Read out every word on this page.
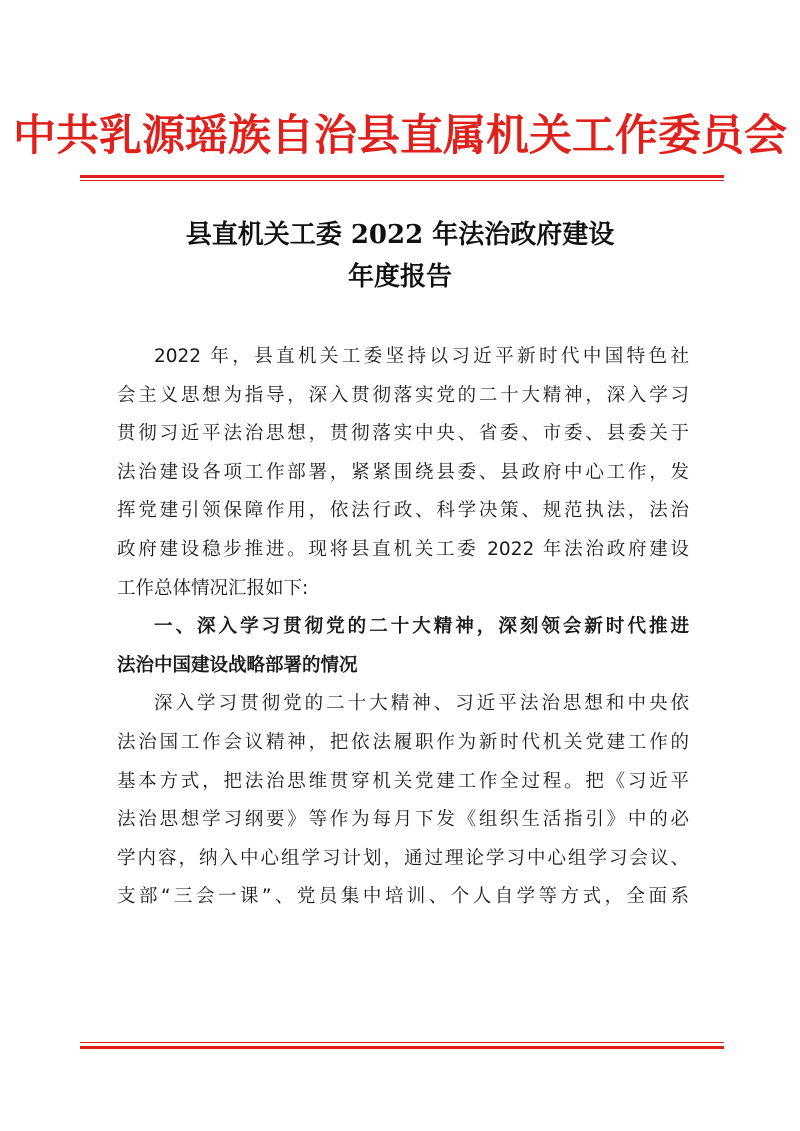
中共乳源瑶族自治县直属机关工作委员会
县直机关工委 2022 年法治政府建设
年度报告
2022 年，县直机关工委坚持以习近平新时代中国特色社
会主义思想为指导，深入贯彻落实党的二十大精神，深入学习
贯彻习近平法治思想，贯彻落实中央、省委、市委、县委关于
法治建设各项工作部署，紧紧围绕县委、县政府中心工作，发
挥党建引领保障作用，依法行政、科学决策、规范执法，法治
政府建设稳步推进。现将县直机关工委 2022 年法治政府建设
工作总体情况汇报如下:
一、深入学习贯彻党的二十大精神，深刻领会新时代推进
法治中国建设战略部署的情况
深入学习贯彻党的二十大精神、习近平法治思想和中央依
法治国工作会议精神，把依法履职作为新时代机关党建工作的
基本方式，把法治思维贯穿机关党建工作全过程。把《习近平
法治思想学习纲要》等作为每月下发《组织生活指引》中的必
学内容，纳入中心组学习计划，通过理论学习中心组学习会议、
支部“三会一课”、党员集中培训、个人自学等方式，全面系
